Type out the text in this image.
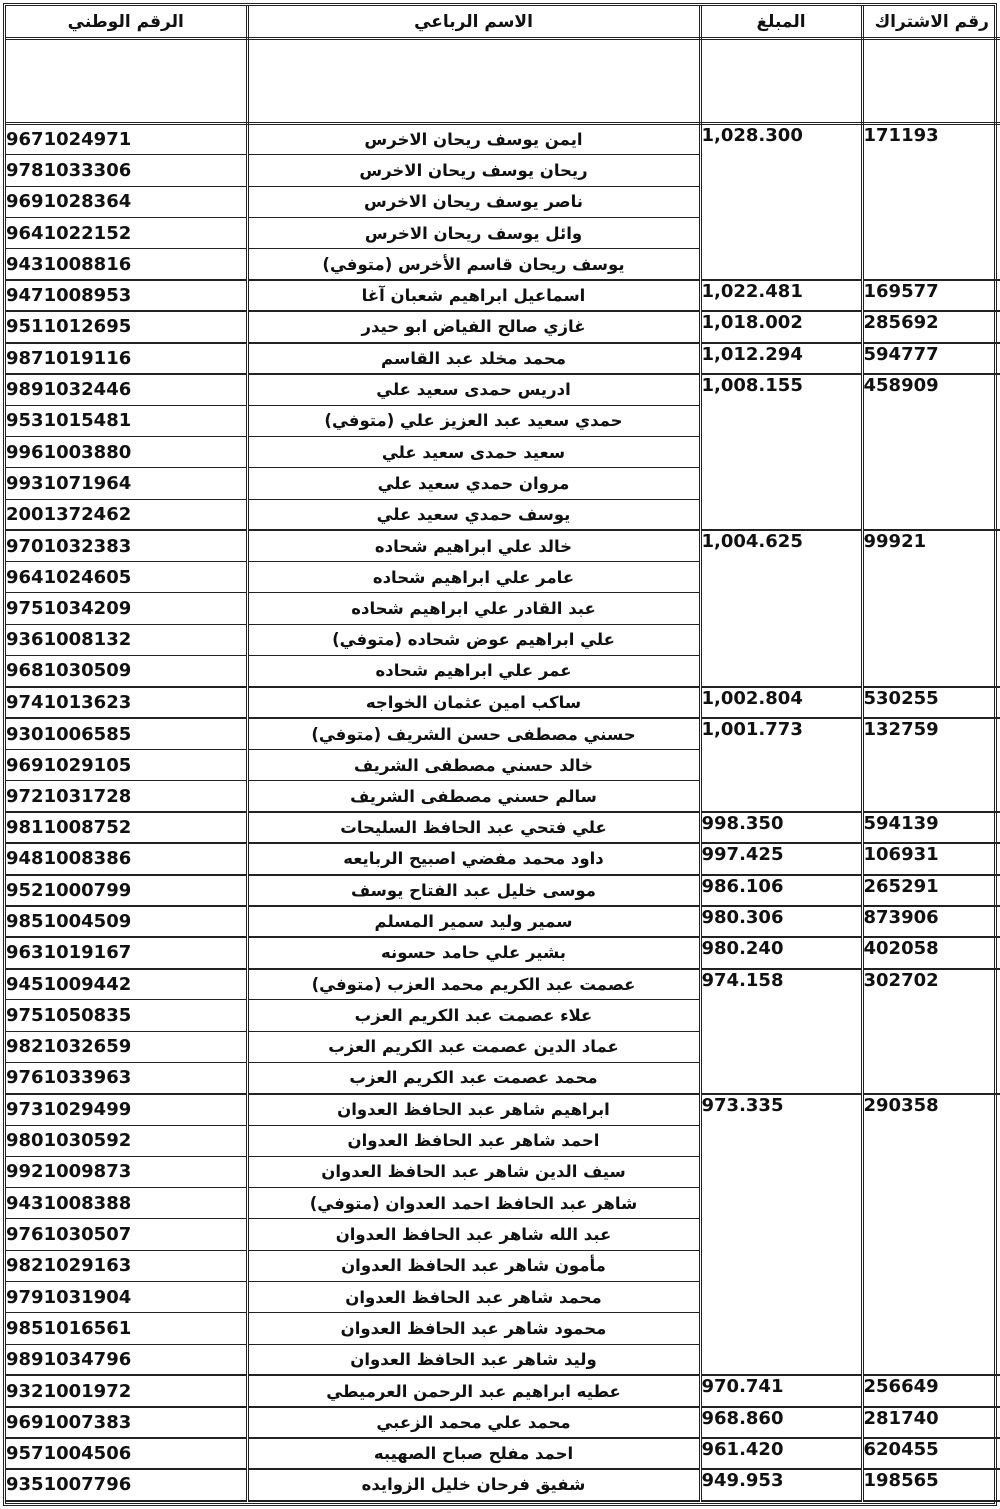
الرقم الوطني	الاسم الرباعي	المبلغ	رقم الاشتراك

9671024971	ايمن يوسف ريحان الاخرس	1,028.300	171193
9781033306	ريحان يوسف ريحان الاخرس		
9691028364	ناصر يوسف ريحان الاخرس		
9641022152	وائل يوسف ريحان الاخرس		
9431008816	يوسف ريحان قاسم الأخرس (متوفي)		
9471008953	اسماعيل ابراهيم شعبان آغا	1,022.481	169577
9511012695	غازي صالح الفياض ابو حيدر	1,018.002	285692
9871019116	محمد مخلد عبد القاسم	1,012.294	594777
9891032446	ادريس حمدى سعيد علي	1,008.155	458909
9531015481	حمدي سعيد عبد العزيز علي (متوفي)		
9961003880	سعيد حمدى سعيد علي		
9931071964	مروان حمدي سعيد علي		
2001372462	يوسف حمدي سعيد علي		
9701032383	خالد علي ابراهيم شحاده	1,004.625	99921
9641024605	عامر علي ابراهيم شحاده		
9751034209	عبد القادر علي ابراهيم شحاده		
9361008132	علي ابراهيم عوض شحاده (متوفي)		
9681030509	عمر علي ابراهيم شحاده		
9741013623	ساكب امين عثمان الخواجه	1,002.804	530255
9301006585	حسني مصطفى حسن الشريف (متوفي)	1,001.773	132759
9691029105	خالد حسني مصطفى الشريف		
9721031728	سالم حسني مصطفى الشريف		
9811008752	علي فتحي عبد الحافظ السليحات	998.350	594139
9481008386	داود محمد مفضي اصبيح الربايعه	997.425	106931
9521000799	موسى خليل عبد الفتاح يوسف	986.106	265291
9851004509	سمير وليد سمير المسلم	980.306	873906
9631019167	بشير علي حامد حسونه	980.240	402058
9451009442	عصمت عبد الكريم محمد العزب (متوفي)	974.158	302702
9751050835	علاء عصمت عبد الكريم العزب		
9821032659	عماد الدين عصمت عبد الكريم العزب		
9761033963	محمد عصمت عبد الكريم العزب		
9731029499	ابراهيم شاهر عبد الحافظ العدوان	973.335	290358
9801030592	احمد شاهر عبد الحافظ العدوان		
9921009873	سيف الدين شاهر عبد الحافظ العدوان		
9431008388	شاهر عبد الحافظ احمد العدوان (متوفي)		
9761030507	عبد الله شاهر عبد الحافظ العدوان		
9821029163	مأمون شاهر عبد الحافظ العدوان		
9791031904	محمد شاهر عبد الحافظ العدوان		
9851016561	محمود شاهر عبد الحافظ العدوان		
9891034796	وليد شاهر عبد الحافظ العدوان		
9321001972	عطيه ابراهيم عبد الرحمن العرميطي	970.741	256649
9691007383	محمد علي محمد الزعبي	968.860	281740
9571004506	احمد مفلح صباح الصهيبه	961.420	620455
9351007796	شفيق فرحان خليل الزوايده	949.953	198565
